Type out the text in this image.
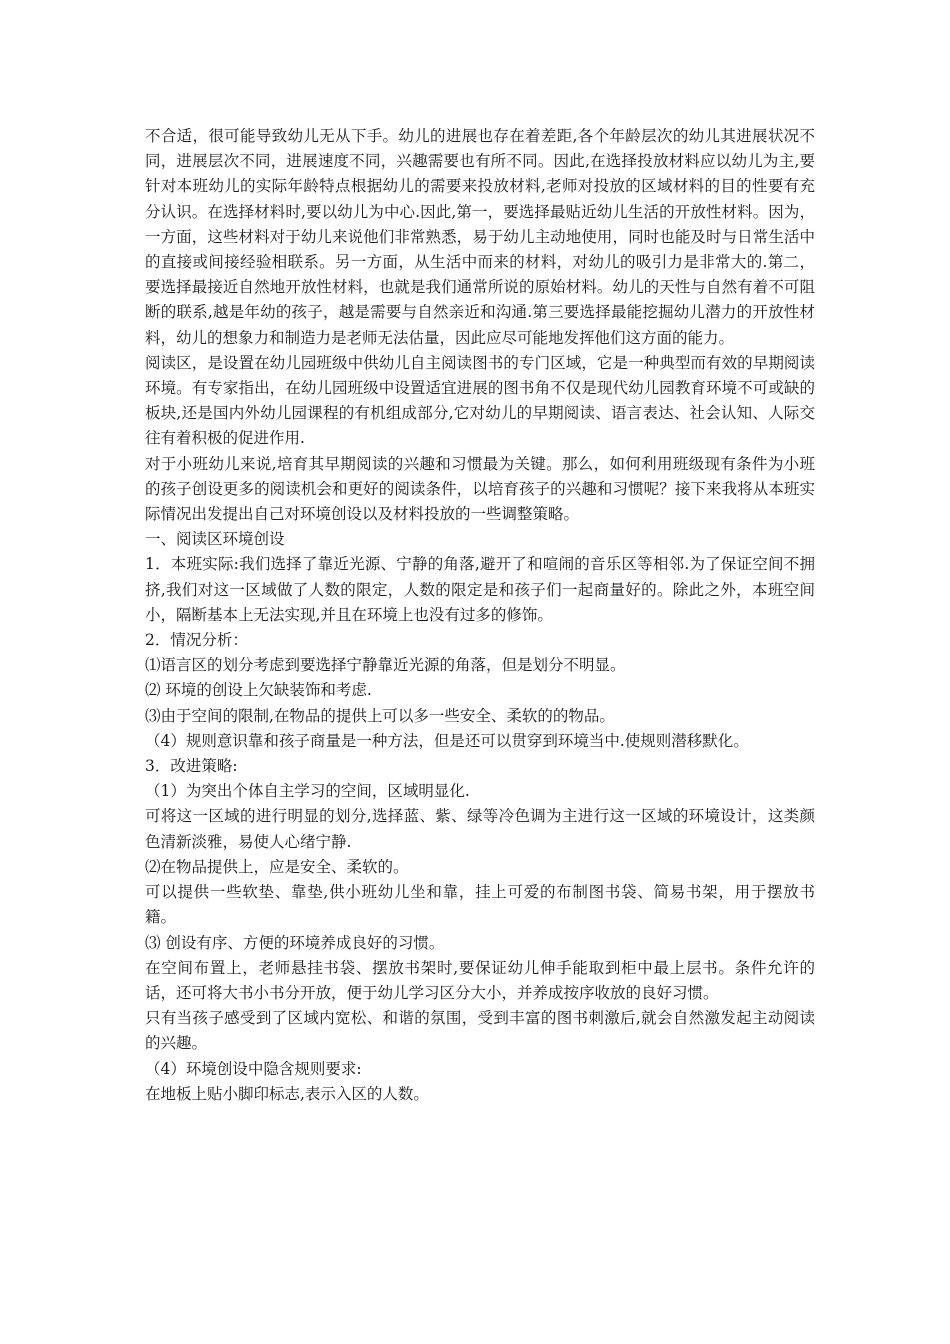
不合适，很可能导致幼儿无从下手。幼儿的进展也存在着差距,各个年龄层次的幼儿其进展状况不同，进展层次不同，进展速度不同，兴趣需要也有所不同。因此,在选择投放材料应以幼儿为主,要针对本班幼儿的实际年龄特点根据幼儿的需要来投放材料,老师对投放的区域材料的目的性要有充分认识。在选择材料时,要以幼儿为中心.因此,第一，要选择最贴近幼儿生活的开放性材料。因为，一方面，这些材料对于幼儿来说他们非常熟悉，易于幼儿主动地使用，同时也能及时与日常生活中的直接或间接经验相联系。另一方面，从生活中而来的材料，对幼儿的吸引力是非常大的.第二，要选择最接近自然地开放性材料，也就是我们通常所说的原始材料。幼儿的天性与自然有着不可阻断的联系,越是年幼的孩子，越是需要与自然亲近和沟通.第三要选择最能挖掘幼儿潜力的开放性材料，幼儿的想象力和制造力是老师无法估量，因此应尽可能地发挥他们这方面的能力。

阅读区，是设置在幼儿园班级中供幼儿自主阅读图书的专门区域，它是一种典型而有效的早期阅读环境。有专家指出，在幼儿园班级中设置适宜进展的图书角不仅是现代幼儿园教育环境不可或缺的板块,还是国内外幼儿园课程的有机组成部分,它对幼儿的早期阅读、语言表达、社会认知、人际交往有着积极的促进作用.

对于小班幼儿来说,培育其早期阅读的兴趣和习惯最为关键。那么，如何利用班级现有条件为小班的孩子创设更多的阅读机会和更好的阅读条件，以培育孩子的兴趣和习惯呢？接下来我将从本班实际情况出发提出自己对环境创设以及材料投放的一些调整策略。

一、阅读区环境创设

1．本班实际:我们选择了靠近光源、宁静的角落,避开了和喧闹的音乐区等相邻.为了保证空间不拥挤,我们对这一区域做了人数的限定，人数的限定是和孩子们一起商量好的。除此之外，本班空间小，隔断基本上无法实现,并且在环境上也没有过多的修饰。

2．情况分析：

⑴语言区的划分考虑到要选择宁静靠近光源的角落，但是划分不明显。

⑵ 环境的创设上欠缺装饰和考虑.

⑶由于空间的限制,在物品的提供上可以多一些安全、柔软的的物品。

（4）规则意识靠和孩子商量是一种方法，但是还可以贯穿到环境当中.使规则潜移默化。

3．改进策略:

（1）为突出个体自主学习的空间，区域明显化.

可将这一区域的进行明显的划分,选择蓝、紫、绿等冷色调为主进行这一区域的环境设计，这类颜色清新淡雅，易使人心绪宁静.

⑵在物品提供上，应是安全、柔软的。

可以提供一些软垫、靠垫,供小班幼儿坐和靠，挂上可爱的布制图书袋、简易书架，用于摆放书籍。

⑶ 创设有序、方便的环境养成良好的习惯。

在空间布置上，老师悬挂书袋、摆放书架时,要保证幼儿伸手能取到柜中最上层书。条件允许的话，还可将大书小书分开放，便于幼儿学习区分大小，并养成按序收放的良好习惯。

只有当孩子感受到了区域内宽松、和谐的氛围，受到丰富的图书刺激后,就会自然激发起主动阅读的兴趣。

（4）环境创设中隐含规则要求:

在地板上贴小脚印标志,表示入区的人数。
